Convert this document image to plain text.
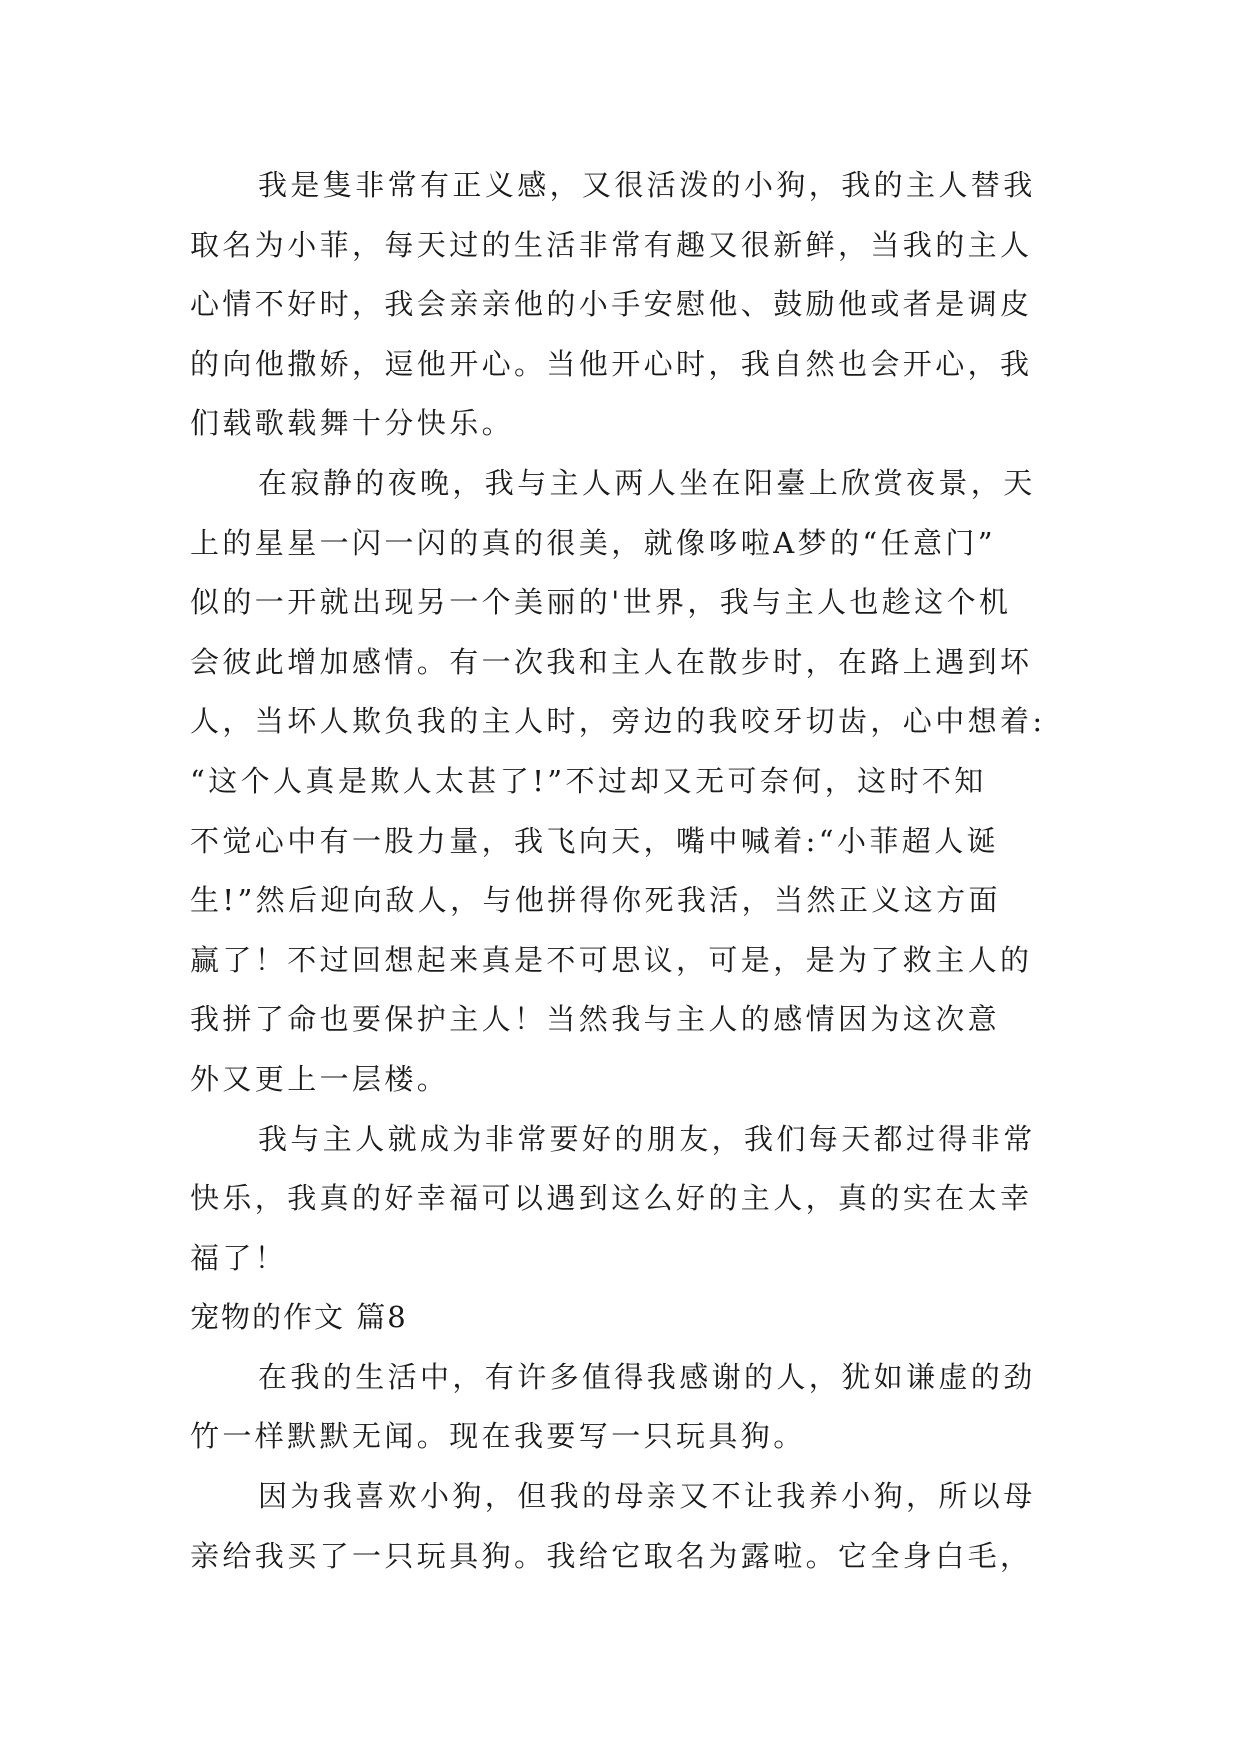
我是隻非常有正义感，又很活泼的小狗，我的主人替我
取名为小菲，每天过的生活非常有趣又很新鲜，当我的主人
心情不好时，我会亲亲他的小手安慰他、鼓励他或者是调皮
的向他撒娇，逗他开心。当他开心时，我自然也会开心，我
们载歌载舞十分快乐。
在寂静的夜晚，我与主人两人坐在阳臺上欣赏夜景，天
上的星星一闪一闪的真的很美，就像哆啦A梦的“任意门”
似的一开就出现另一个美丽的'世界，我与主人也趁这个机
会彼此增加感情。有一次我和主人在散步时，在路上遇到坏
人，当坏人欺负我的主人时，旁边的我咬牙切齿，心中想着:
“这个人真是欺人太甚了!”不过却又无可奈何，这时不知
不觉心中有一股力量，我飞向天，嘴中喊着:“小菲超人诞
生!”然后迎向敌人，与他拼得你死我活，当然正义这方面
赢了！不过回想起来真是不可思议，可是，是为了救主人的
我拼了命也要保护主人！当然我与主人的感情因为这次意
外又更上一层楼。
我与主人就成为非常要好的朋友，我们每天都过得非常
快乐，我真的好幸福可以遇到这么好的主人，真的实在太幸
福了！
宠物的作文 篇8
在我的生活中，有许多值得我感谢的人，犹如谦虚的劲
竹一样默默无闻。现在我要写一只玩具狗。
因为我喜欢小狗，但我的母亲又不让我养小狗，所以母
亲给我买了一只玩具狗。我给它取名为露啦。它全身白毛，
